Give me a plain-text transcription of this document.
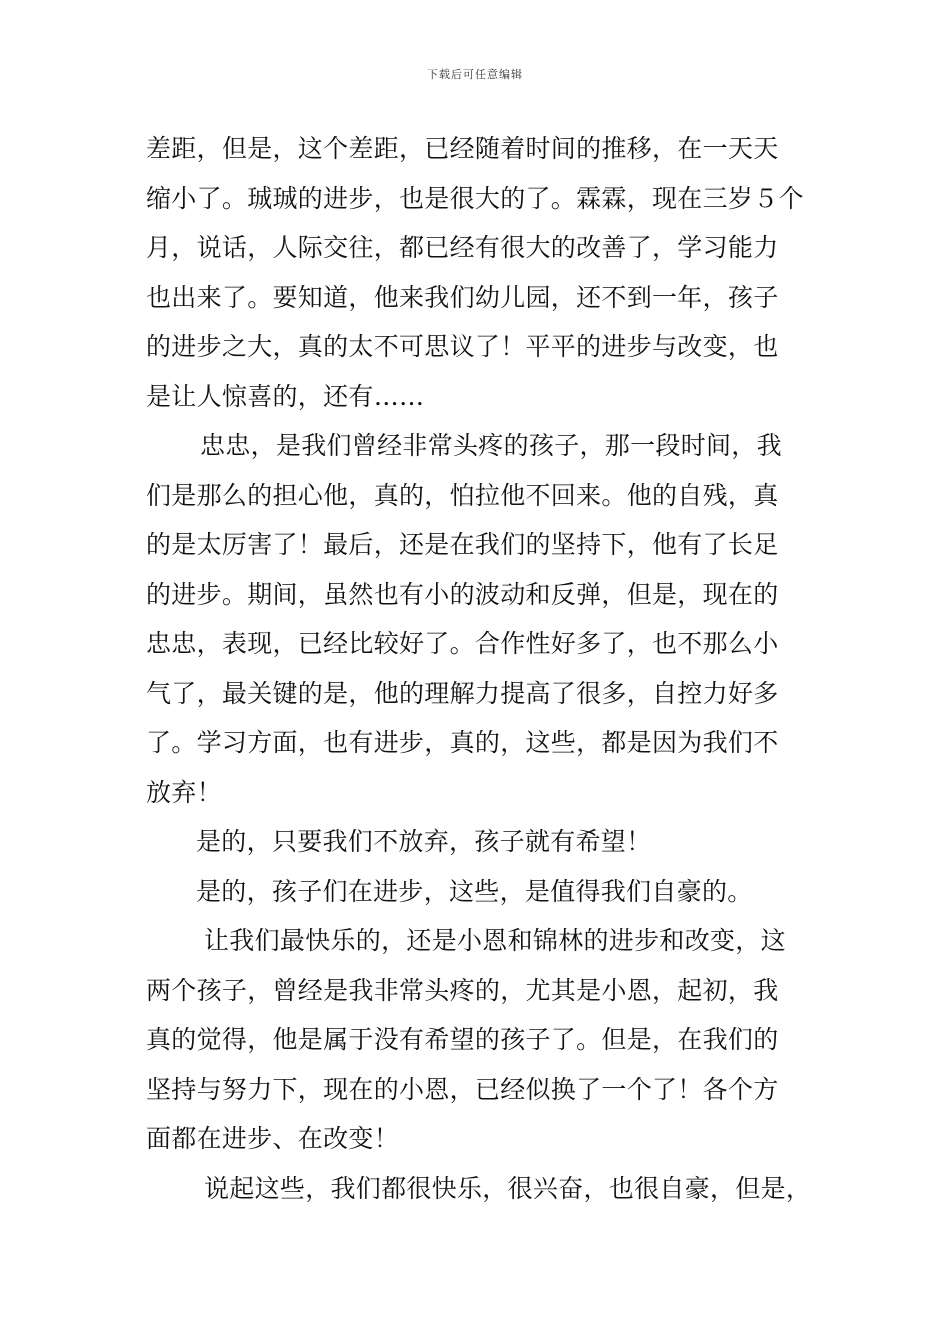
下载后可任意编辑
差距，但是，这个差距，已经随着时间的推移，在一天天
缩小了。珹珹的进步，也是很大的了。霖霖，现在三岁５个
月，说话，人际交往，都已经有很大的改善了，学习能力
也出来了。要知道，他来我们幼儿园，还不到一年，孩子
的进步之大，真的太不可思议了！平平的进步与改变，也
是让人惊喜的，还有……
忠忠，是我们曾经非常头疼的孩子，那一段时间，我
们是那么的担心他，真的，怕拉他不回来。他的自残，真
的是太厉害了！最后，还是在我们的坚持下，他有了长足
的进步。期间，虽然也有小的波动和反弹，但是，现在的
忠忠，表现，已经比较好了。合作性好多了，也不那么小
气了，最关键的是，他的理解力提高了很多，自控力好多
了。学习方面，也有进步，真的，这些，都是因为我们不
放弃！
是的，只要我们不放弃，孩子就有希望！
是的，孩子们在进步，这些，是值得我们自豪的。
让我们最快乐的，还是小恩和锦林的进步和改变，这
两个孩子，曾经是我非常头疼的，尤其是小恩，起初，我
真的觉得，他是属于没有希望的孩子了。但是，在我们的
坚持与努力下，现在的小恩，已经似换了一个了！各个方
面都在进步、在改变！
说起这些，我们都很快乐，很兴奋，也很自豪，但是，
